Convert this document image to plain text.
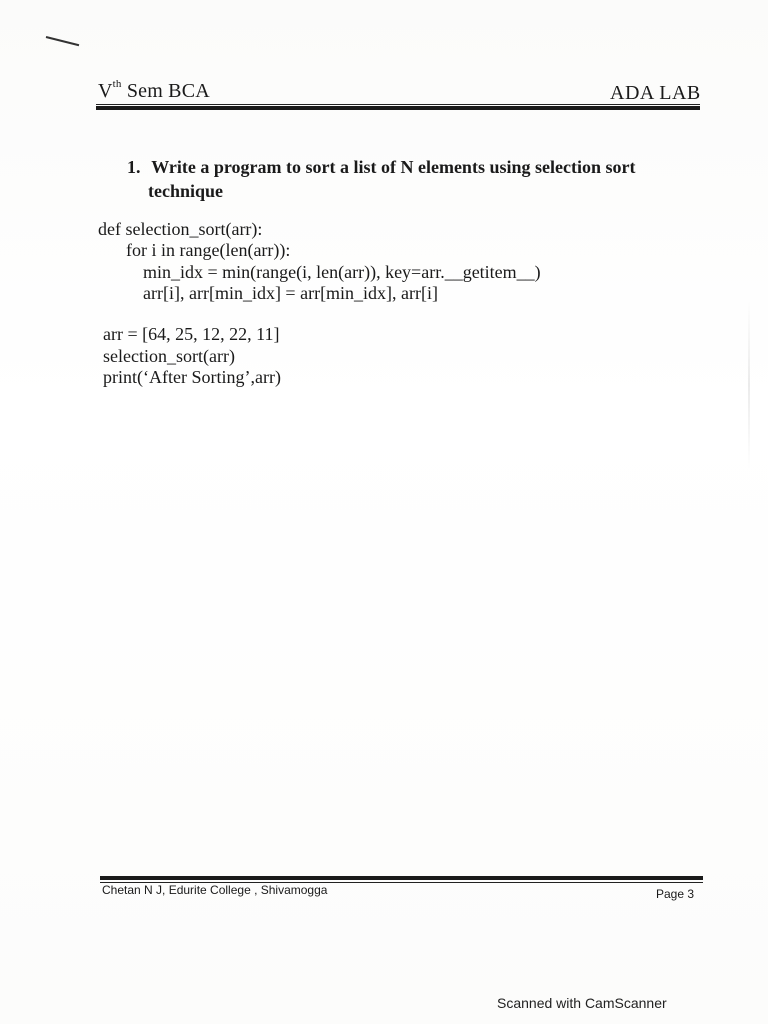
Vth Sem BCA	ADA LAB
1. Write a program to sort a list of N elements using selection sort
technique
def selection_sort(arr):
for i in range(len(arr)):
min_idx = min(range(i, len(arr)), key=arr.__getitem__)
arr[i], arr[min_idx] = arr[min_idx], arr[i]
arr = [64, 25, 12, 22, 11]
selection_sort(arr)
print(‘After Sorting’,arr)
Chetan N J, Edurite College , Shivamogga	Page 3
Scanned with CamScanner
